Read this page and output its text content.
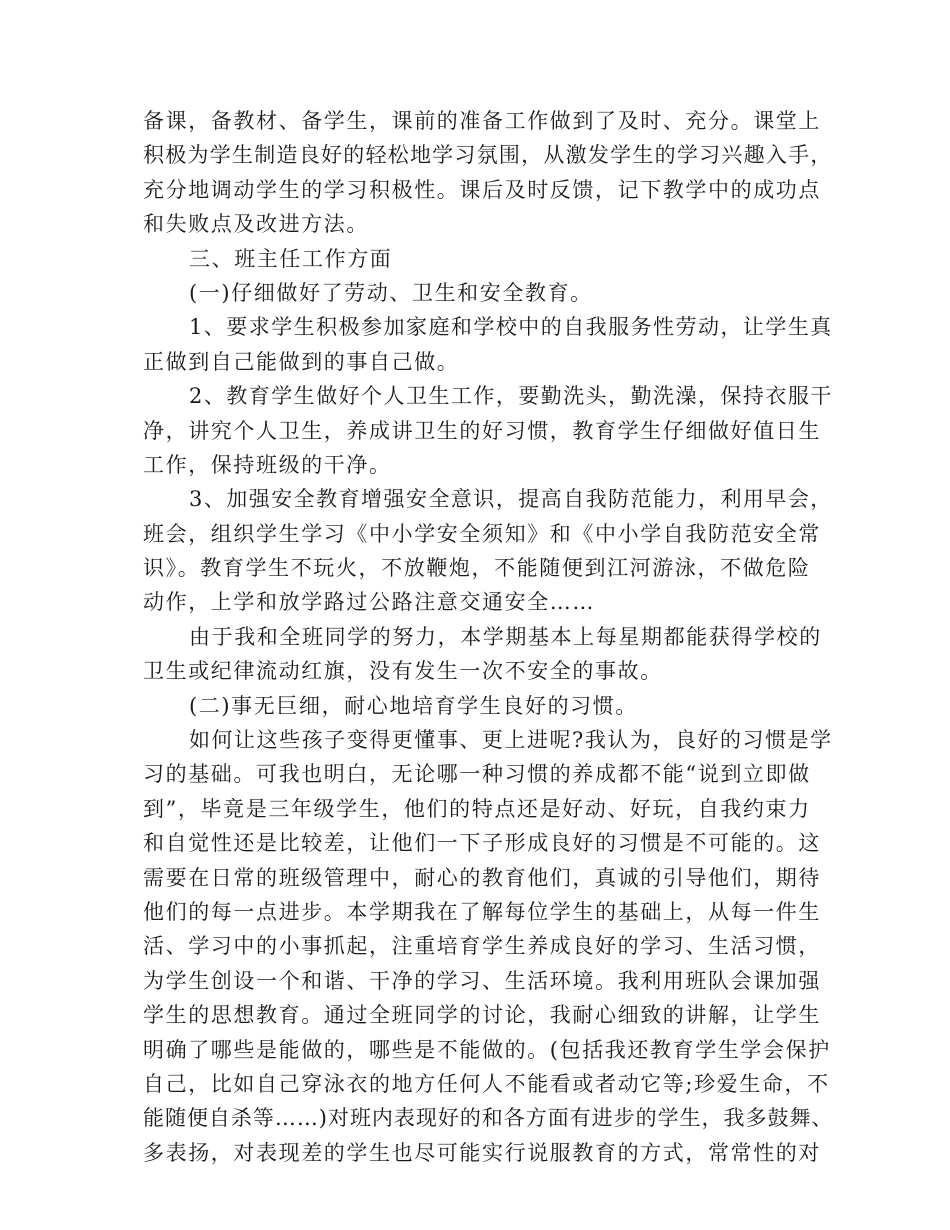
备课，备教材、备学生，课前的准备工作做到了及时、充分。课堂上
积极为学生制造良好的轻松地学习氛围，从激发学生的学习兴趣入手，
充分地调动学生的学习积极性。课后及时反馈，记下教学中的成功点
和失败点及改进方法。
三、班主任工作方面
(一)仔细做好了劳动、卫生和安全教育。
1、要求学生积极参加家庭和学校中的自我服务性劳动，让学生真
正做到自己能做到的事自己做。
2、教育学生做好个人卫生工作，要勤洗头，勤洗澡，保持衣服干
净，讲究个人卫生，养成讲卫生的好习惯，教育学生仔细做好值日生
工作，保持班级的干净。
3、加强安全教育增强安全意识，提高自我防范能力，利用早会，
班会，组织学生学习《中小学安全须知》和《中小学自我防范安全常
识》。教育学生不玩火，不放鞭炮，不能随便到江河游泳，不做危险
动作，上学和放学路过公路注意交通安全……
由于我和全班同学的努力，本学期基本上每星期都能获得学校的
卫生或纪律流动红旗，没有发生一次不安全的事故。
(二)事无巨细，耐心地培育学生良好的习惯。
如何让这些孩子变得更懂事、更上进呢?我认为，良好的习惯是学
习的基础。可我也明白，无论哪一种习惯的养成都不能“说到立即做
到”，毕竟是三年级学生，他们的特点还是好动、好玩，自我约束力
和自觉性还是比较差，让他们一下子形成良好的习惯是不可能的。这
需要在日常的班级管理中，耐心的教育他们，真诚的引导他们，期待
他们的每一点进步。本学期我在了解每位学生的基础上，从每一件生
活、学习中的小事抓起，注重培育学生养成良好的学习、生活习惯，
为学生创设一个和谐、干净的学习、生活环境。我利用班队会课加强
学生的思想教育。通过全班同学的讨论，我耐心细致的讲解，让学生
明确了哪些是能做的，哪些是不能做的。(包括我还教育学生学会保护
自己，比如自己穿泳衣的地方任何人不能看或者动它等;珍爱生命，不
能随便自杀等……)对班内表现好的和各方面有进步的学生，我多鼓舞、
多表扬，对表现差的学生也尽可能实行说服教育的方式，常常性的对
